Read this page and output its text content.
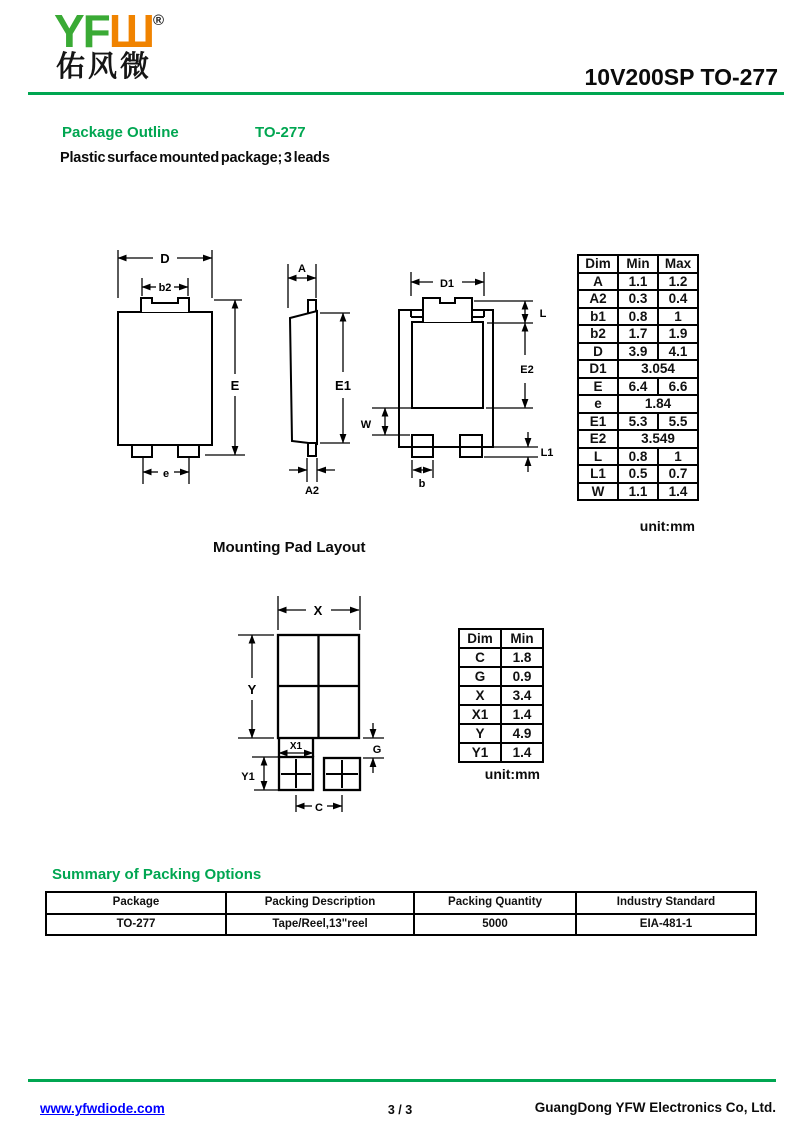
YFШ®
佑风微	10V200SP TO-277
Package Outline	TO-277
Plastic surface mounted package; 3 leads
D
b2
e
E
A
E1
A2
D1
L
E2
W
L1
b
Dim	Min	Max
A	1.1	1.2
A2	0.3	0.4
b1	0.8	1
b2	1.7	1.9
D	3.9	4.1
D1	3.054	
E	6.4	6.6
e	1.84	
E1	5.3	5.5
E2	3.549	
L	0.8	1
L1	0.5	0.7
W	1.1	1.4
unit:mm
Mounting Pad Layout
X
Y
X1
Y1
G
C
Dim	Min
C	1.8
G	0.9
X	3.4
X1	1.4
Y	4.9
Y1	1.4
unit:mm
Summary of Packing Options
Package	Packing Description	Packing Quantity	Industry Standard
TO-277	Tape/Reel,13"reel	5000	EIA-481-1
www.yfwdiode.com	3 / 3	GuangDong YFW Electronics Co, Ltd.
